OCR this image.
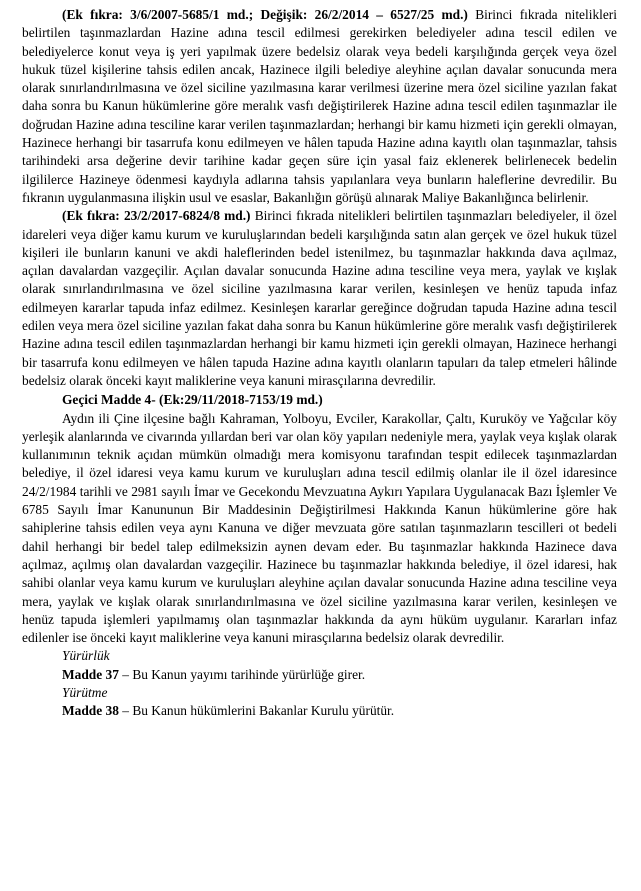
(Ek fıkra: 3/6/2007-5685/1 md.; Değişik: 26/2/2014 – 6527/25 md.) Birinci fıkrada nitelikleri belirtilen taşınmazlardan Hazine adına tescil edilmesi gerekirken belediyeler adına tescil edilen ve belediyelerce konut veya iş yeri yapılmak üzere bedelsiz olarak veya bedeli karşılığında gerçek veya özel hukuk tüzel kişilerine tahsis edilen ancak, Hazinece ilgili belediye aleyhine açılan davalar sonucunda mera olarak sınırlandırılmasına ve özel siciline yazılmasına karar verilmesi üzerine mera özel siciline yazılan fakat daha sonra bu Kanun hükümlerine göre meralık vasfı değiştirilerek Hazine adına tescil edilen taşınmazlar ile doğrudan Hazine adına tesciline karar verilen taşınmazlardan; herhangi bir kamu hizmeti için gerekli olmayan, Hazinece herhangi bir tasarrufa konu edilmeyen ve hâlen tapuda Hazine adına kayıtlı olan taşınmazlar, tahsis tarihindeki arsa değerine devir tarihine kadar geçen süre için yasal faiz eklenerek belirlenecek bedelin ilgililerce Hazineye ödenmesi kaydıyla adlarına tahsis yapılanlara veya bunların haleflerine devredilir. Bu fıkranın uygulanmasına ilişkin usul ve esaslar, Bakanlığın görüşü alınarak Maliye Bakanlığınca belirlenir.

(Ek fıkra: 23/2/2017-6824/8 md.) Birinci fıkrada nitelikleri belirtilen taşınmazları belediyeler, il özel idareleri veya diğer kamu kurum ve kuruluşlarından bedeli karşılığında satın alan gerçek ve özel hukuk tüzel kişileri ile bunların kanuni ve akdi haleflerinden bedel istenilmez, bu taşınmazlar hakkında dava açılmaz, açılan davalardan vazgeçilir. Açılan davalar sonucunda Hazine adına tesciline veya mera, yaylak ve kışlak olarak sınırlandırılmasına ve özel siciline yazılmasına karar verilen, kesinleşen ve henüz tapuda infaz edilmeyen kararlar tapuda infaz edilmez. Kesinleşen kararlar gereğince doğrudan tapuda Hazine adına tescil edilen veya mera özel siciline yazılan fakat daha sonra bu Kanun hükümlerine göre meralık vasfı değiştirilerek Hazine adına tescil edilen taşınmazlardan herhangi bir kamu hizmeti için gerekli olmayan, Hazinece herhangi bir tasarrufa konu edilmeyen ve hâlen tapuda Hazine adına kayıtlı olanların tapuları da talep etmeleri hâlinde bedelsiz olarak önceki kayıt maliklerine veya kanuni mirasçılarına devredilir.

Geçici Madde 4- (Ek:29/11/2018-7153/19 md.)

Aydın ili Çine ilçesine bağlı Kahraman, Yolboyu, Evciler, Karakollar, Çaltı, Kuruköy ve Yağcılar köy yerleşik alanlarında ve civarında yıllardan beri var olan köy yapıları nedeniyle mera, yaylak veya kışlak olarak kullanımının teknik açıdan mümkün olmadığı mera komisyonu tarafından tespit edilecek taşınmazlardan belediye, il özel idaresi veya kamu kurum ve kuruluşları adına tescil edilmiş olanlar ile il özel idaresince 24/2/1984 tarihli ve 2981 sayılı İmar ve Gecekondu Mevzuatına Aykırı Yapılara Uygulanacak Bazı İşlemler Ve 6785 Sayılı İmar Kanununun Bir Maddesinin Değiştirilmesi Hakkında Kanun hükümlerine göre hak sahiplerine tahsis edilen veya aynı Kanuna ve diğer mevzuata göre satılan taşınmazların tescilleri ot bedeli dahil herhangi bir bedel talep edilmeksizin aynen devam eder. Bu taşınmazlar hakkında Hazinece dava açılmaz, açılmış olan davalardan vazgeçilir. Hazinece bu taşınmazlar hakkında belediye, il özel idaresi, hak sahibi olanlar veya kamu kurum ve kuruluşları aleyhine açılan davalar sonucunda Hazine adına tesciline veya mera, yaylak ve kışlak olarak sınırlandırılmasına ve özel siciline yazılmasına karar verilen, kesinleşen ve henüz tapuda işlemleri yapılmamış olan taşınmazlar hakkında da aynı hüküm uygulanır. Kararları infaz edilenler ise önceki kayıt maliklerine veya kanuni mirasçılarına bedelsiz olarak devredilir.

Yürürlük

Madde 37 – Bu Kanun yayımı tarihinde yürürlüğe girer.

Yürütme

Madde 38 – Bu Kanun hükümlerini Bakanlar Kurulu yürütür.
